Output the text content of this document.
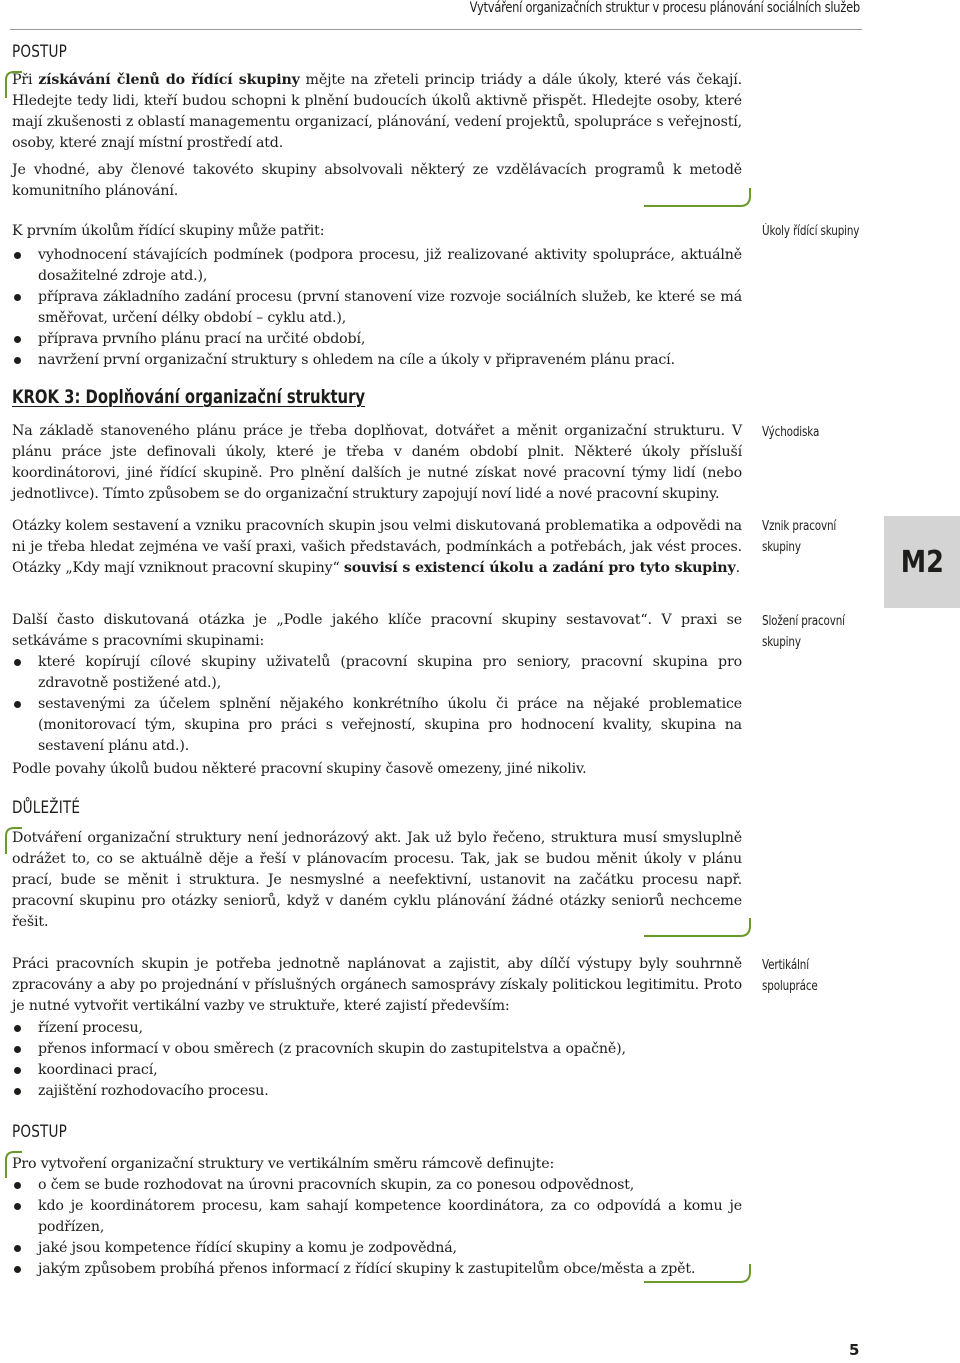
Vytváření organizačních struktur v procesu plánování sociálních služeb
POSTUP
Při získávání členů do řídící skupiny mějte na zřeteli princip triády a dále úkoly, které vás čekají. Hledejte tedy lidi, kteří budou schopni k plnění budoucích úkolů aktivně přispět. Hledejte osoby, které mají zkušenosti z oblastí managementu organizací, plánování, vedení projektů, spolupráce s veřejností, osoby, které znají místní prostředí atd.
Je vhodné, aby členové takovéto skupiny absolvovali některý ze vzdělávacích programů k metodě komunitního plánování.
K prvním úkolům řídící skupiny může patřit:
vyhodnocení stávajících podmínek (podpora procesu, již realizované aktivity spolupráce, aktuálně dosažitelné zdroje atd.),
příprava základního zadání procesu (první stanovení vize rozvoje sociálních služeb, ke které se má směřovat, určení délky období – cyklu atd.),
příprava prvního plánu prací na určité období,
navržení první organizační struktury s ohledem na cíle a úkoly v připraveném plánu prací.
KROK 3: Doplňování organizační struktury
Na základě stanoveného plánu práce je třeba doplňovat, dotvářet a měnit organizační strukturu. V plánu práce jste definovali úkoly, které je třeba v daném období plnit. Některé úkoly přísluší koordinátorovi, jiné řídící skupině. Pro plnění dalších je nutné získat nové pracovní týmy lidí (nebo jednotlivce). Tímto způsobem se do organizační struktury zapojují noví lidé a nové pracovní skupiny.
Otázky kolem sestavení a vzniku pracovních skupin jsou velmi diskutovaná problematika a odpovědi na ni je třeba hledat zejména ve vaší praxi, vašich představách, podmínkách a potřebách, jak vést proces. Otázky „Kdy mají vzniknout pracovní skupiny“ souvisí s existencí úkolu a zadání pro tyto skupiny.
Další často diskutovaná otázka je „Podle jakého klíče pracovní skupiny sestavovat“. V praxi se setkáváme s pracovními skupinami:
které kopírují cílové skupiny uživatelů (pracovní skupina pro seniory, pracovní skupina pro zdravotně postižené atd.),
sestavenými za účelem splnění nějakého konkrétního úkolu či práce na nějaké problematice (monitorovací tým, skupina pro práci s veřejností, skupina pro hodnocení kvality, skupina na sestavení plánu atd.).
Podle povahy úkolů budou některé pracovní skupiny časově omezeny, jiné nikoliv.
DŮLEŽITÉ
Dotváření organizační struktury není jednorázový akt. Jak už bylo řečeno, struktura musí smysluplně odrážet to, co se aktuálně děje a řeší v plánovacím procesu. Tak, jak se budou měnit úkoly v plánu prací, bude se měnit i struktura. Je nesmyslné a neefektivní, ustanovit na začátku procesu např. pracovní skupinu pro otázky seniorů, když v daném cyklu plánování žádné otázky seniorů nechceme řešit.
Práci pracovních skupin je potřeba jednotně naplánovat a zajistit, aby dílčí výstupy byly souhrnně zpracovány a aby po projednání v příslušných orgánech samosprávy získaly politickou legitimitu. Proto je nutné vytvořit vertikální vazby ve struktuře, které zajistí především:
řízení procesu,
přenos informací v obou směrech (z pracovních skupin do zastupitelstva a opačně),
koordinaci prací,
zajištění rozhodovacího procesu.
POSTUP
Pro vytvoření organizační struktury ve vertikálním směru rámcově definujte:
o čem se bude rozhodovat na úrovni pracovních skupin, za co ponesou odpovědnost,
kdo je koordinátorem procesu, kam sahají kompetence koordinátora, za co odpovídá a komu je podřízen,
jaké jsou kompetence řídící skupiny a komu je zodpovědná,
jakým způsobem probíhá přenos informací z řídící skupiny k zastupitelům obce/města a zpět.
Úkoly řídící skupiny
Východiska
Vznik pracovní
skupiny
Složení pracovní
skupiny
Vertikální
spolupráce
M2
5
